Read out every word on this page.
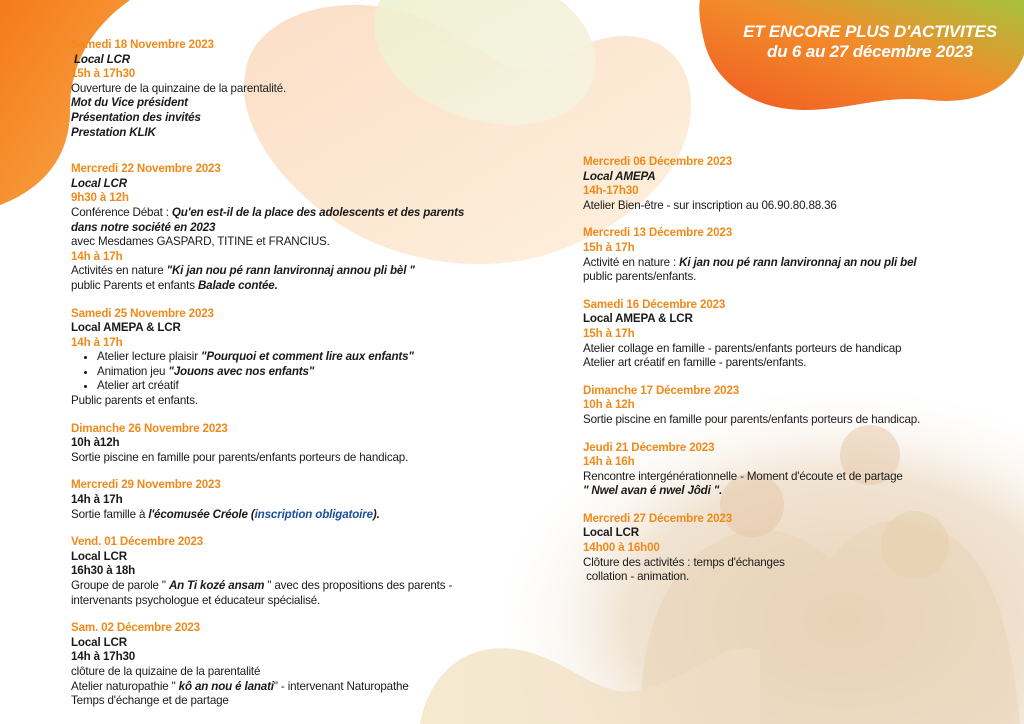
ET ENCORE PLUS D'ACTIVITES
du 6 au 27 décembre 2023
Samedi 18 Novembre 2023
Local LCR
15h à 17h30
Ouverture de la quinzaine de la parentalité.
Mot du Vice président
Présentation des invités
Prestation KLIK
Mercredi 22 Novembre 2023
Local LCR
9h30 à 12h
Conférence Débat : Qu'en est-il de la place des adolescents et des parents
dans notre société en 2023
avec Mesdames GASPARD, TITINE et FRANCIUS.
14h à 17h
Activités en nature "Ki jan nou pé rann lanvironnaj annou pli bèl "
public Parents et enfants Balade contée.
Samedi 25 Novembre 2023
Local AMEPA & LCR
14h à 17h
• Atelier lecture plaisir "Pourquoi et comment lire aux enfants"
• Animation jeu "Jouons avec nos enfants"
• Atelier art créatif
Public parents et enfants.
Dimanche 26 Novembre 2023
10h à12h
Sortie piscine en famille pour parents/enfants porteurs de handicap.
Mercredi 29 Novembre 2023
14h à 17h
Sortie famille à l'écomusée Créole (inscription obligatoire).
Vend. 01 Décembre 2023
Local LCR
16h30 à 18h
Groupe de parole " An Ti kozé ansam " avec des propositions des parents -
intervenants psychologue et éducateur spécialisé.
Sam. 02 Décembre 2023
Local LCR
14h à 17h30
clôture de la quizaine de la parentalité
Atelier naturopathie " kô an nou é lanati" - intervenant Naturopathe
Temps d'échange et de partage
Mercredi 06 Décembre 2023
Local AMEPA
14h-17h30
Atelier Bien-être - sur inscription au 06.90.80.88.36
Mercredi 13 Décembre 2023
15h à 17h
Activité en nature : Ki jan nou pé rann lanvironnaj an nou pli bel
public parents/enfants.
Samedi 16 Décembre 2023
Local AMEPA & LCR
15h à 17h
Atelier collage en famille - parents/enfants porteurs de handicap
Atelier art créatif en famille - parents/enfants.
Dimanche 17 Décembre 2023
10h à 12h
Sortie piscine en famille pour parents/enfants porteurs de handicap.
Jeudi 21 Décembre 2023
14h à 16h
Rencontre intergénérationnelle - Moment d'écoute et de partage
" Nwel avan é nwel Jôdi ".
Mercredi 27 Décembre 2023
Local LCR
14h00 à 16h00
Clôture des activités : temps d'échanges
collation - animation.
